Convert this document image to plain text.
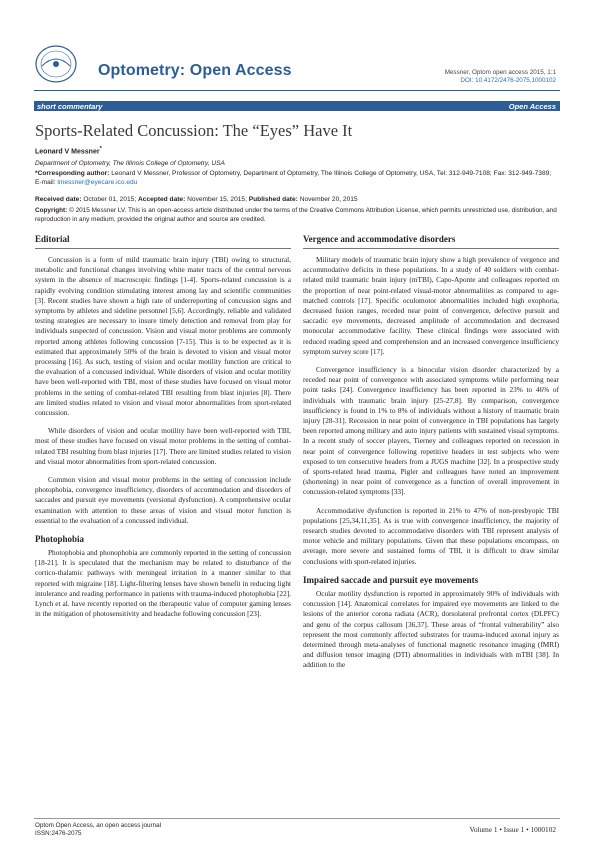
Optometry: Open Access	Messner, Optom open access 2015, 1:1
DOI: 10.4172/2476-2075.1000102
short commentary	Open Access
Sports-Related Concussion: The “Eyes” Have It
Leonard V Messner*
Department of Optometry, The Illinois College of Optometry, USA
*Corresponding author: Leonard V Messner, Professor of Optometry, Department of Optometry, The Illinois College of Optometry, USA, Tel: 312-949-7108; Fax: 312-949-7389; E-mail: lmessner@eyecare.ico.edu
Received date: October 01, 2015; Accepted date: November 15, 2015; Published date: November 20, 2015
Copyright: © 2015 Messner LV. This is an open-access article distributed under the terms of the Creative Commons Attribution License, which permits unrestricted use, distribution, and reproduction in any medium, provided the original author and source are credited.
Editorial

Concussion is a form of mild traumatic brain injury (TBI) owing to structural, metabolic and functional changes involving white mater tracts of the central nervous system in the absence of macroscopic findings [1-4]. Sports-related concussion is a rapidly evolving condition stimulating interest among lay and scientific communities [3]. Recent studies have shown a high rate of underreporting of concussion signs and symptoms by athletes and sideline personnel [5,6]. Accordingly, reliable and validated testing strategies are necessary to insure timely detection and removal from play for individuals suspected of concussion. Vision and visual motor problems are commonly reported among athletes following concussion [7-15]. This is to be expected as it is estimated that approximately 50% of the brain is devoted to vision and visual motor processing [16]. As such, testing of vision and ocular motility function are critical to the evaluation of a concussed individual. While disorders of vision and ocular motility have been well-reported with TBI, most of these studies have focused on visual motor problems in the setting of combat-related TBI resulting from blast injuries [8]. There are limited studies related to vision and visual motor abnormalities from sport-related concussion.

While disorders of vision and ocular motility have been well-reported with TBI, most of these studies have focused on visual motor problems in the setting of combat-related TBI resulting from blast injuries [17]. There are limited studies related to vision and visual motor abnormalities from sport-related concussion.

Common vision and visual motor problems in the setting of concussion include photophobia, convergence insufficiency, disorders of accommodation and disorders of saccades and pursuit eye movements (versional dysfunction). A comprehensive ocular examination with attention to these areas of vision and visual motor function is essential to the evaluation of a concussed individual.

Photophobia

Photophobia and phonophobia are commonly reported in the setting of concussion [18-21]. It is speculated that the mechanism may be related to disturbance of the cortico-thalamic pathways with meningeal irritation in a manner similar to that reported with migraine [18]. Light-filtering lenses have shown benefit in reducing light intolerance and reading performance in patients with trauma-induced photophobia [22]. Lynch et al. have recently reported on the therapeutic value of computer gaming lenses in the mitigation of photosensitivity and headache following concussion [23].

Vergence and accommodative disorders

Military models of traumatic brain injury show a high prevalence of vergence and accommodative deficits in these populations. In a study of 40 soldiers with combat-related mild traumatic brain injury (mTBI), Capo-Aponte and colleagues reported on the proportion of near point-related visual-motor abnormalities as compared to age-matched controls [17]. Specific oculomotor abnormalities included high exophoria, decreased fusion ranges, receded near point of convergence, defective pursuit and saccadic eye movements, decreased amplitude of accommodation and decreased monocular accommodative facility. These clinical findings were associated with reduced reading speed and comprehension and an increased convergence insufficiency symptom survey score [17].

Convergence insufficiency is a binocular vision disorder characterized by a receded near point of convergence with associated symptoms while performing near point tasks [24]. Convergence insufficiency has been reported in 23% to 46% of individuals with traumatic brain injury [25-27,8]. By comparison, convergence insufficiency is found in 1% to 8% of individuals without a history of traumatic brain injury [28-31]. Recession in near point of convergence in TBI populations has largely been reported among military and auto injury patients with sustained visual symptoms. In a recent study of soccer players, Tierney and colleagues reported on recession in near point of convergence following repetitive headers in test subjects who were exposed to ten consecutive headers from a JUGS machine [32]. In a prospective study of sports-related head trauma, Pigler and colleagues have noted an improvement (shortening) in near point of convergence as a function of overall improvement in concussion-related symptoms [33].

Accommodative dysfunction is reported in 21% to 47% of non-presbyopic TBI populations [25,34,11,35]. As is true with convergence insufficiency, the majority of research studies devoted to accommodative disorders with TBI represent analysis of motor vehicle and military populations. Given that these populations encompass, on average, more severe and sustained forms of TBI, it is difficult to draw similar conclusions with sport-related injuries.

Impaired saccade and pursuit eye movements

Ocular motility dysfunction is reported in approximately 90% of individuals with concussion [14]. Anatomical correlates for impaired eye movements are linked to the lesions of the anterior corona radiata (ACR), dorsolateral prefrontal cortex (DLPFC) and genu of the corpus callosum [36,37]. These areas of “frontal vulnerability” also represent the most commonly affected substrates for trauma-induced axonal injury as determined through meta-analyses of functional magnetic resonance imaging (fMRI) and diffusion tensor imaging (DTI) abnormalities in individuals with mTBI [38]. In addition to the

Optom Open Access, an open access journal
ISSN:2476-2075	Volume 1 • Issue 1 • 1000102
